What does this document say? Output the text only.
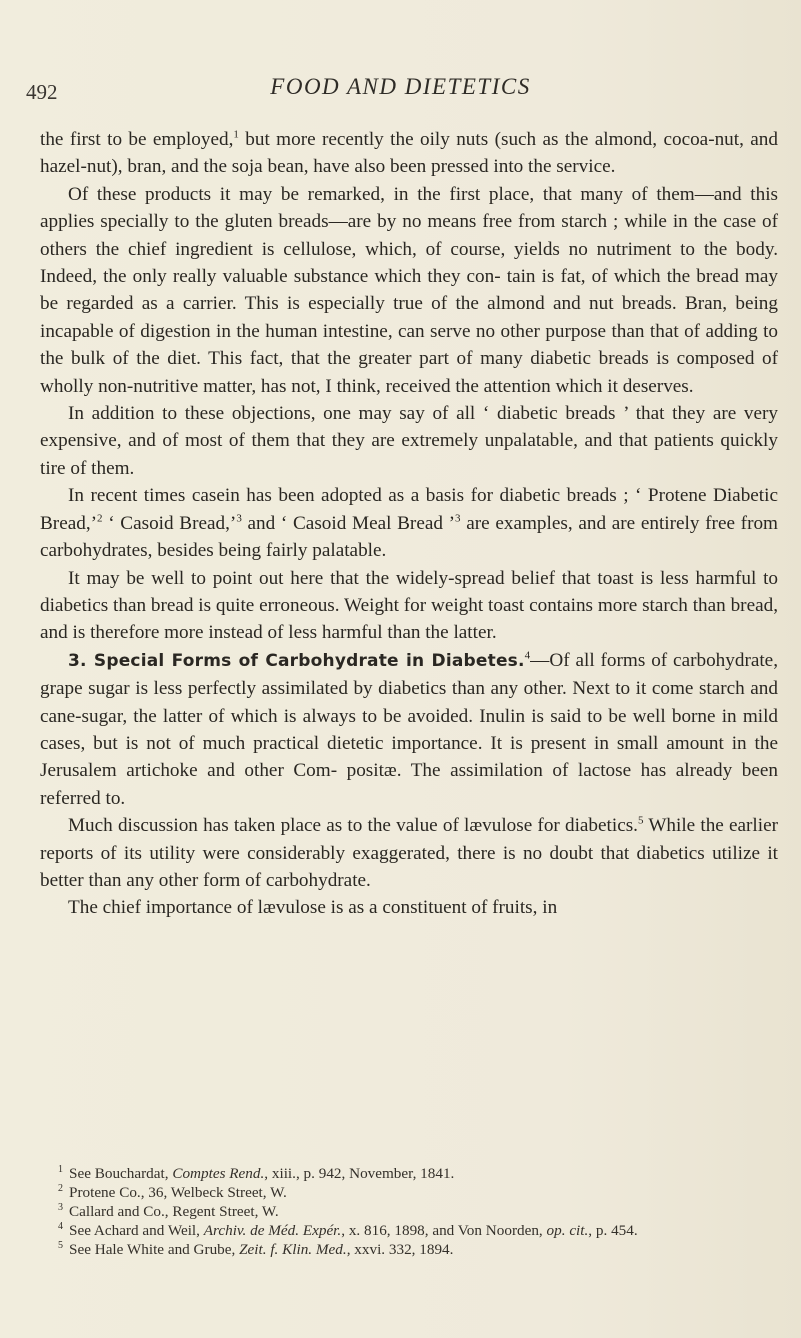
492	FOOD AND DIETETICS

the first to be employed,$^1$ but more recently the oily nuts (such as the almond, cocoa-nut, and hazel-nut), bran, and the soja bean, have also been pressed into the service.

Of these products it may be remarked, in the first place, that many of them—and this applies specially to the gluten breads—are by no means free from starch ; while in the case of others the chief ingredient is cellulose, which, of course, yields no nutriment to the body. Indeed, the only really valuable substance which they con- tain is fat, of which the bread may be regarded as a carrier. This is especially true of the almond and nut breads. Bran, being incapable of digestion in the human intestine, can serve no other purpose than that of adding to the bulk of the diet. This fact, that the greater part of many diabetic breads is composed of wholly non-nutritive matter, has not, I think, received the attention which it deserves.

In addition to these objections, one may say of all ‘ diabetic breads ’ that they are very expensive, and of most of them that they are extremely unpalatable, and that patients quickly tire of them.

In recent times casein has been adopted as a basis for diabetic breads ; ‘ Protene Diabetic Bread,’$^2$ ‘ Casoid Bread,’$^3$ and ‘ Casoid Meal Bread ’$^3$ are examples, and are entirely free from carbohydrates, besides being fairly palatable.

It may be well to point out here that the widely-spread belief that toast is less harmful to diabetics than bread is quite erroneous. Weight for weight toast contains more starch than bread, and is therefore more instead of less harmful than the latter.

3. Special Forms of Carbohydrate in Diabetes.$^4$—Of all forms of carbohydrate, grape sugar is less perfectly assimilated by diabetics than any other. Next to it come starch and cane-sugar, the latter of which is always to be avoided. Inulin is said to be well borne in mild cases, but is not of much practical dietetic importance. It is present in small amount in the Jerusalem artichoke and other Com- positæ. The assimilation of lactose has already been referred to.

Much discussion has taken place as to the value of lævulose for diabetics.$^5$ While the earlier reports of its utility were considerably exaggerated, there is no doubt that diabetics utilize it better than any other form of carbohydrate.

The chief importance of lævulose is as a constituent of fruits, in

$^1$ See Bouchardat, Comptes Rend., xiii., p. 942, November, 1841.

$^2$ Protene Co., 36, Welbeck Street, W.

$^3$ Callard and Co., Regent Street, W.

$^4$ See Achard and Weil, Archiv. de Méd. Expér., x. 816, 1898, and Von Noorden, op. cit., p. 454.

$^5$ See Hale White and Grube, Zeit. f. Klin. Med., xxvi. 332, 1894.
